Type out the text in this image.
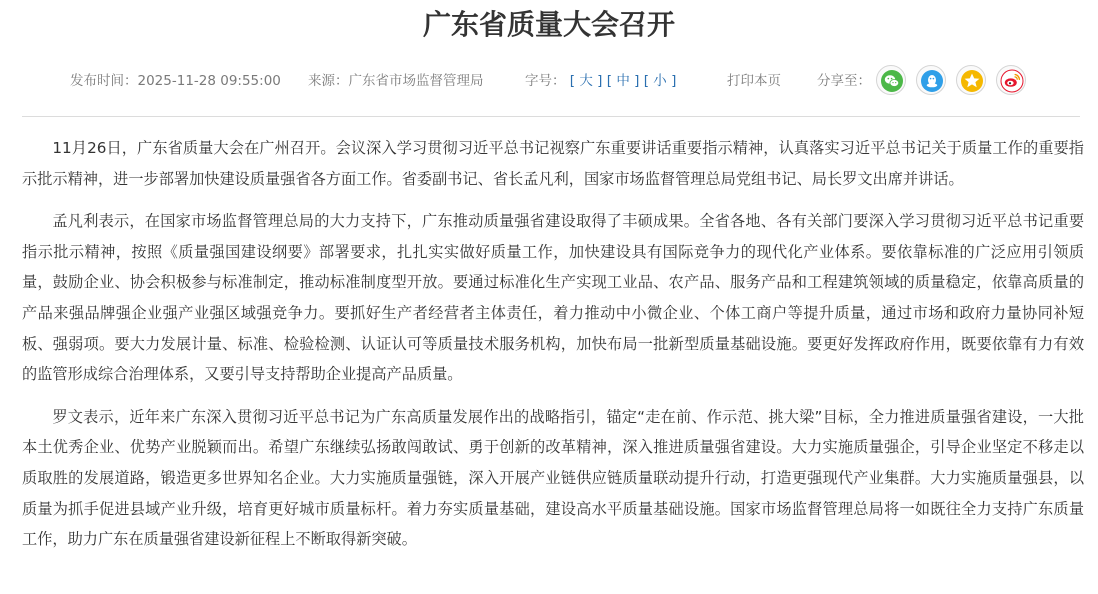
广东省质量大会召开
发布时间：2025-11-28 09:55:00 来源：广东省市场监督管理局	字号： [ 大 ] [ 中 ] [ 小 ]	打印本页	分享至：

11月26日，广东省质量大会在广州召开。会议深入学习贯彻习近平总书记视察广东重要讲话重要指示精神，认真落实习近平总书记关于质量工作的重要指示批示精神，进一步部署加快建设质量强省各方面工作。省委副书记、省长孟凡利，国家市场监督管理总局党组书记、局长罗文出席并讲话。

孟凡利表示，在国家市场监督管理总局的大力支持下，广东推动质量强省建设取得了丰硕成果。全省各地、各有关部门要深入学习贯彻习近平总书记重要指示批示精神，按照《质量强国建设纲要》部署要求，扎扎实实做好质量工作，加快建设具有国际竞争力的现代化产业体系。要依靠标准的广泛应用引领质量，鼓励企业、协会积极参与标准制定，推动标准制度型开放。要通过标准化生产实现工业品、农产品、服务产品和工程建筑领域的质量稳定，依靠高质量的产品来强品牌强企业强产业强区域强竞争力。要抓好生产者经营者主体责任，着力推动中小微企业、个体工商户等提升质量，通过市场和政府力量协同补短板、强弱项。要大力发展计量、标准、检验检测、认证认可等质量技术服务机构，加快布局一批新型质量基础设施。要更好发挥政府作用，既要依靠有力有效的监管形成综合治理体系，又要引导支持帮助企业提高产品质量。

罗文表示，近年来广东深入贯彻习近平总书记为广东高质量发展作出的战略指引，锚定“走在前、作示范、挑大梁”目标，全力推进质量强省建设，一大批本土优秀企业、优势产业脱颖而出。希望广东继续弘扬敢闯敢试、勇于创新的改革精神，深入推进质量强省建设。大力实施质量强企，引导企业坚定不移走以质取胜的发展道路，锻造更多世界知名企业。大力实施质量强链，深入开展产业链供应链质量联动提升行动，打造更强现代产业集群。大力实施质量强县，以质量为抓手促进县域产业升级，培育更好城市质量标杆。着力夯实质量基础，建设高水平质量基础设施。国家市场监督管理总局将一如既往全力支持广东质量工作，助力广东在质量强省建设新征程上不断取得新突破。
